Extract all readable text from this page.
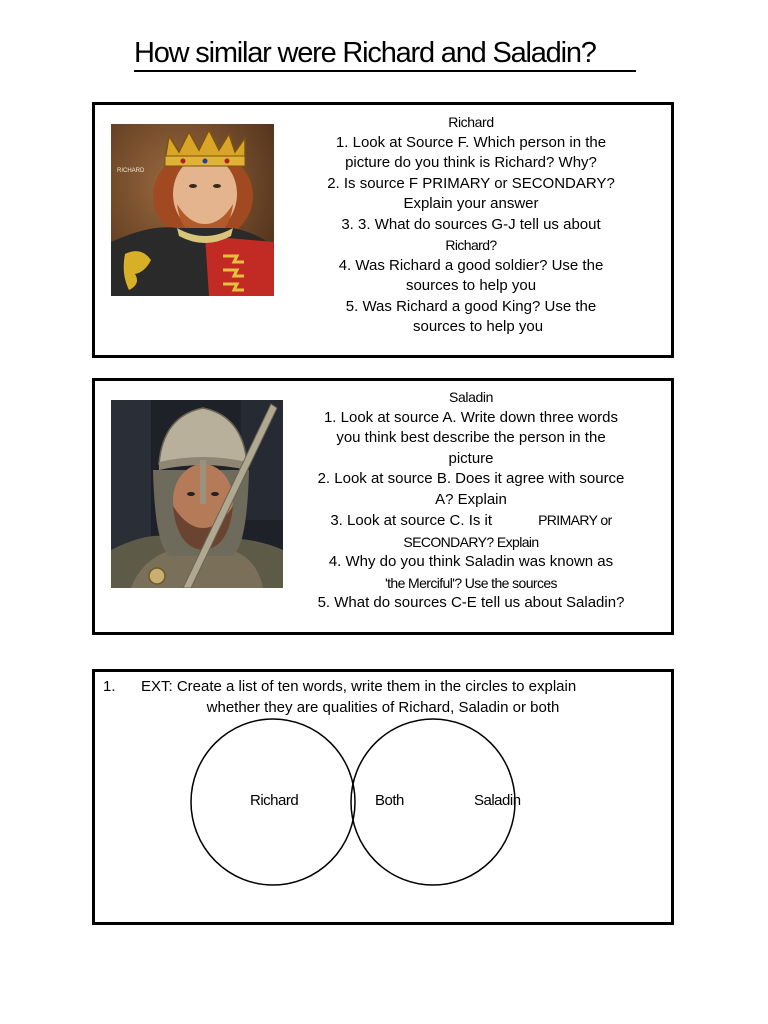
How similar were Richard and Saladin?
RICHARD
Richard
1. Look at Source F. Which person in the
picture do you think is Richard? Why?
2. Is source F PRIMARY or SECONDARY?
Explain your answer
3. 3. What do sources G-J tell us about
Richard?
4. Was Richard a good soldier? Use the
sources to help you
5. Was Richard a good King? Use the
sources to help you
Saladin
1. Look at source A. Write down three words
you think best describe the person in the
picture
2. Look at source B. Does it agree with source
A? Explain
3. Look at source C. Is it	PRIMARY or
SECONDARY? Explain
4. Why do you think Saladin was known as
'the Merciful'? Use the sources
5. What do sources C-E tell us about Saladin?
1. EXT: Create a list of ten words, write them in the circles to explain
whether they are qualities of Richard, Saladin or both
Richard	Both	Saladin
